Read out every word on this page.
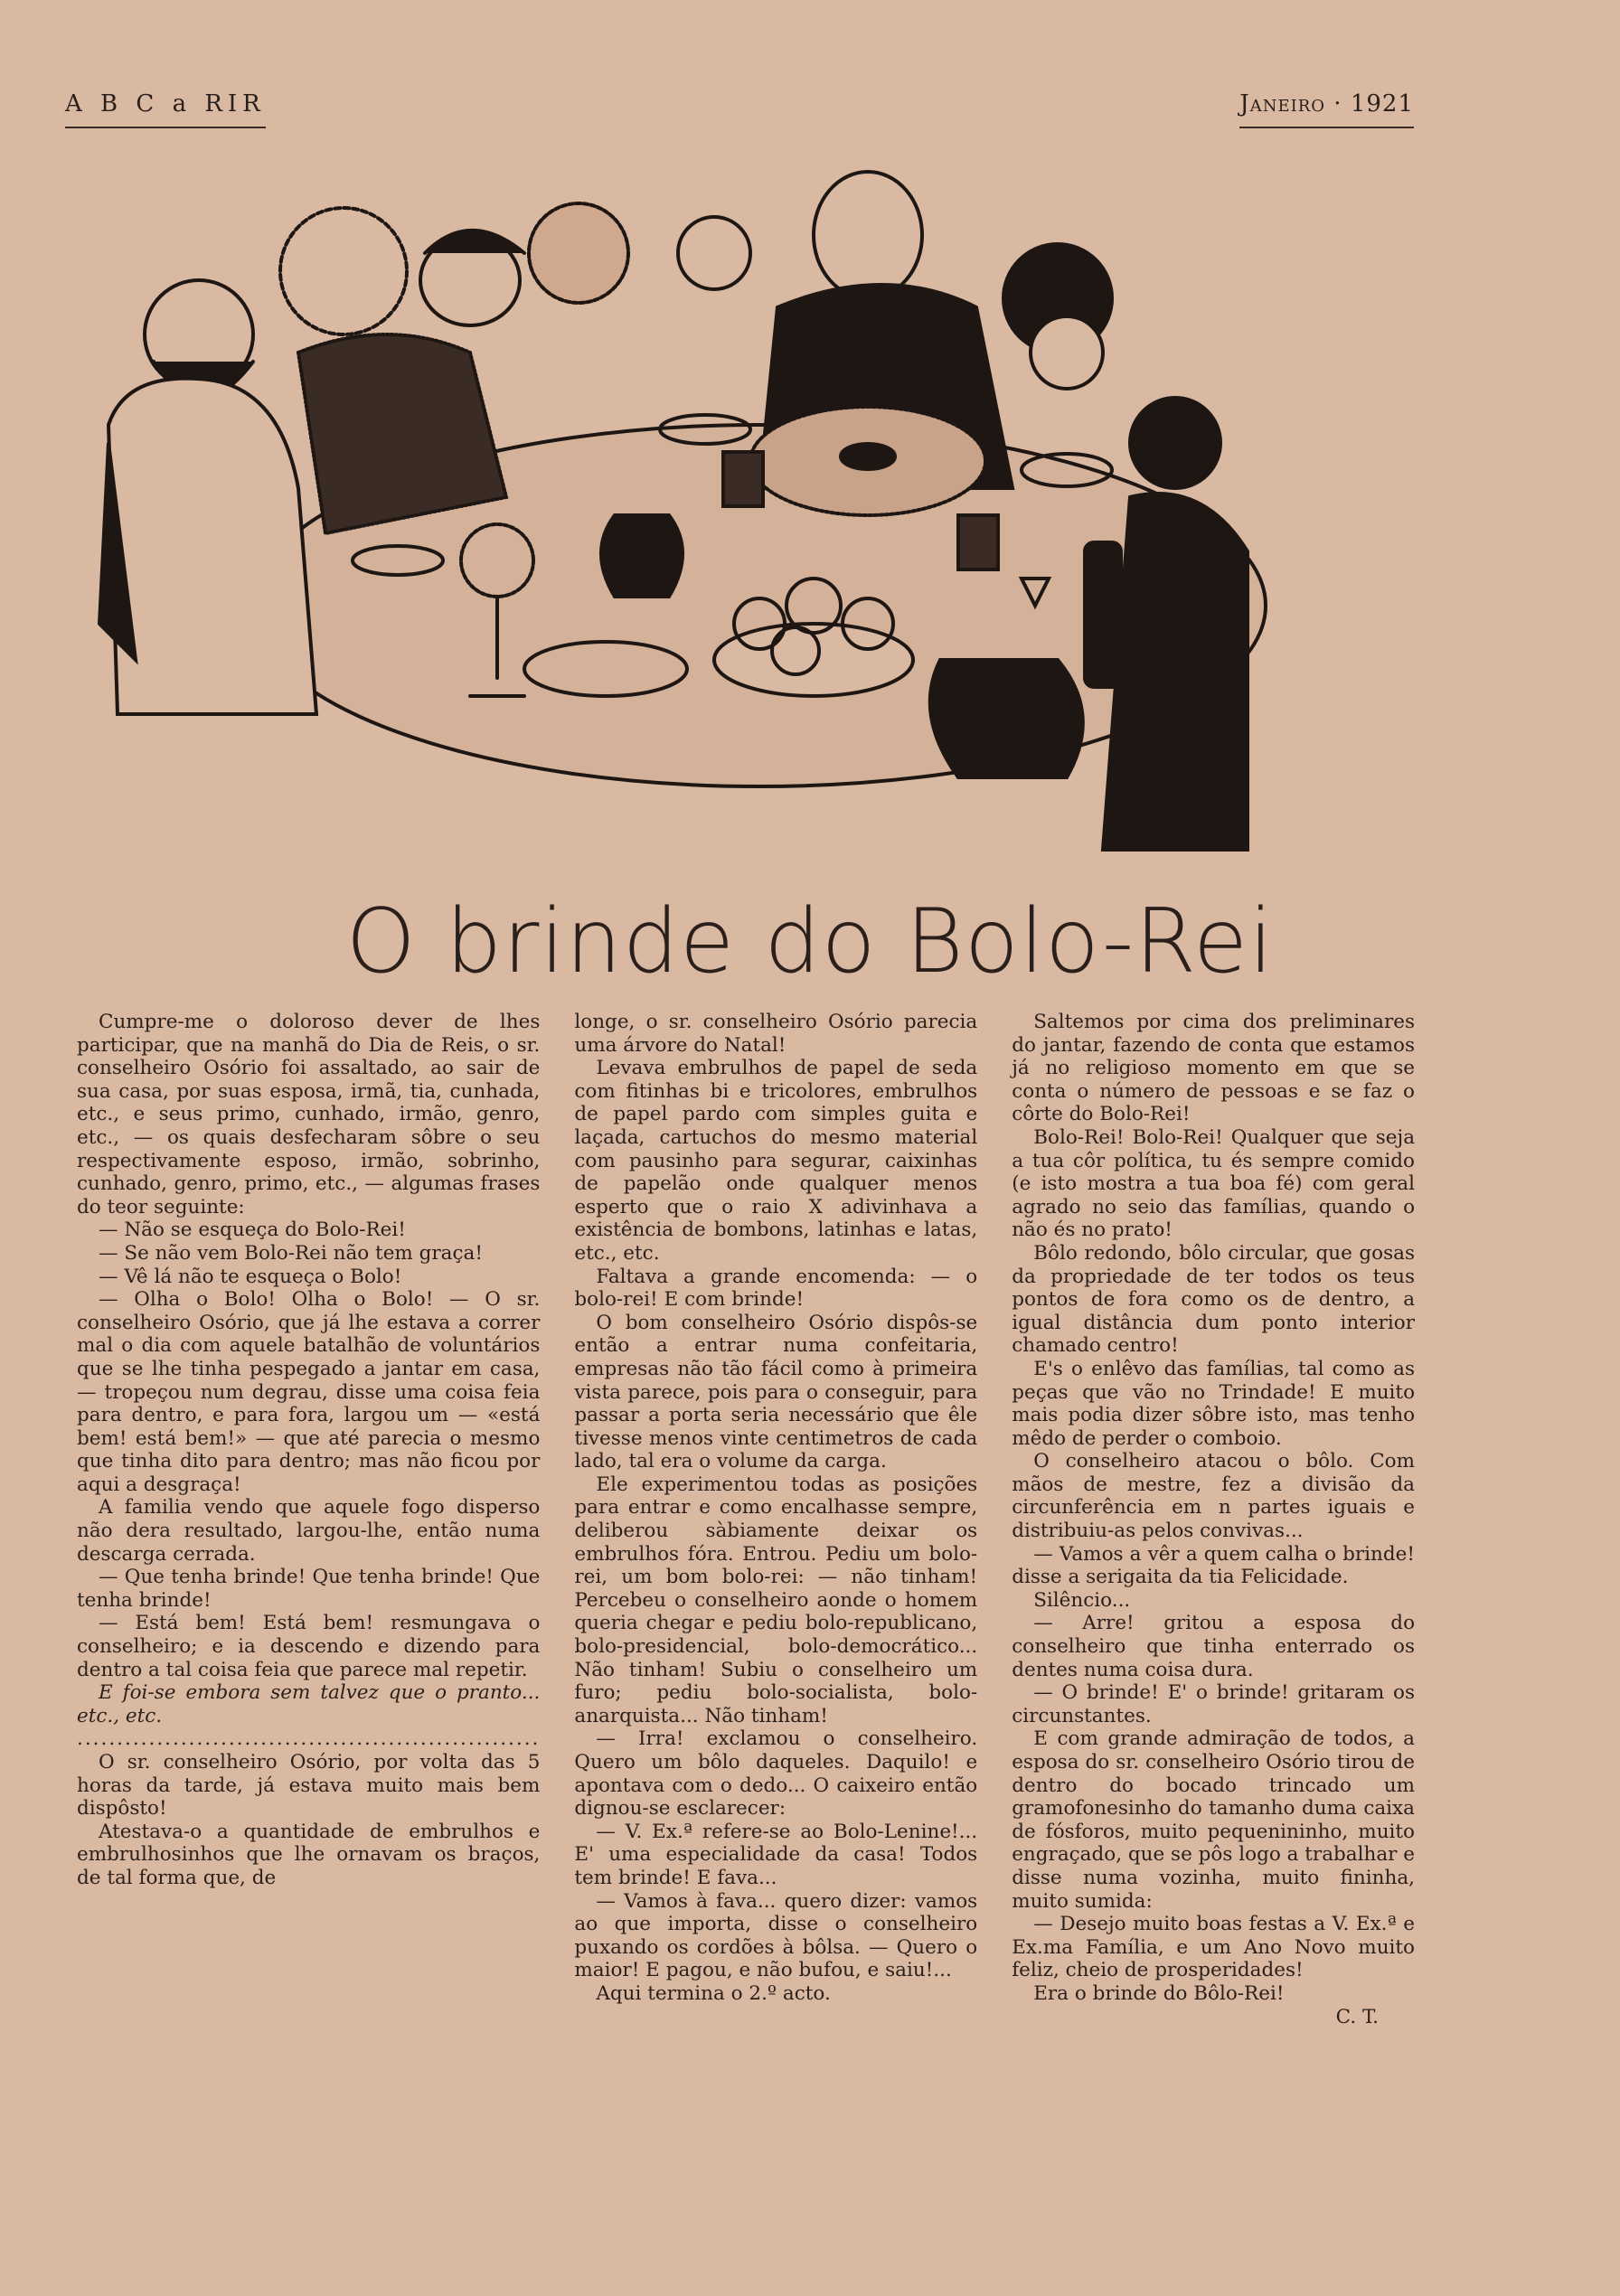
A B C a RIR	Janeiro · 1921
O brinde do Bolo-Rei

Cumpre-me o doloroso dever de lhes participar, que na manhã do Dia de Reis, o sr. conselheiro Osório foi assaltado, ao sair de sua casa, por suas esposa, irmã, tia, cunhada, etc., e seus primo, cunhado, irmão, genro, etc., — os quais desfecharam sôbre o seu respectivamente esposo, irmão, sobrinho, cunhado, genro, primo, etc., — algumas frases do teor seguinte:

— Não se esqueça do Bolo-Rei!

— Se não vem Bolo-Rei não tem graça!

— Vê lá não te esqueça o Bolo!

— Olha o Bolo! Olha o Bolo! — O sr. conselheiro Osório, que já lhe estava a correr mal o dia com aquele batalhão de voluntários que se lhe tinha pespegado a jantar em casa, — tropeçou num degrau, disse uma coisa feia para dentro, e para fora, largou um — «está bem! está bem!» — que até parecia o mesmo que tinha dito para dentro; mas não ficou por aqui a desgraça!

A familia vendo que aquele fogo disperso não dera resultado, largou-lhe, então numa descarga cerrada.

— Que tenha brinde! Que tenha brinde! Que tenha brinde!

— Está bem! Está bem! resmungava o conselheiro; e ia descendo e dizendo para dentro a tal coisa feia que parece mal repetir.

E foi-se embora sem talvez que o pranto... etc., etc.

..........................................................

O sr. conselheiro Osório, por volta das 5 horas da tarde, já estava muito mais bem dispôsto!

Atestava-o a quantidade de embrulhos e embrulhosinhos que lhe ornavam os braços, de tal forma que, de

longe, o sr. conselheiro Osório parecia uma árvore do Natal!

Levava embrulhos de papel de seda com fitinhas bi e tricolores, embrulhos de papel pardo com simples guita e laçada, cartuchos do mesmo material com pausinho para segurar, caixinhas de papelão onde qualquer menos esperto que o raio X adivinhava a existência de bombons, latinhas e latas, etc., etc.

Faltava a grande encomenda: — o bolo-rei! E com brinde!

O bom conselheiro Osório dispôs-se então a entrar numa confeitaria, empresas não tão fácil como à primeira vista parece, pois para o conseguir, para passar a porta seria necessário que êle tivesse menos vinte centimetros de cada lado, tal era o volume da carga.

Ele experimentou todas as posições para entrar e como encalhasse sempre, deliberou sàbiamente deixar os embrulhos fóra. Entrou. Pediu um bolo-rei, um bom bolo-rei: — não tinham! Percebeu o conselheiro aonde o homem queria chegar e pediu bolo-republicano, bolo-presidencial, bolo-democrático... Não tinham! Subiu o conselheiro um furo; pediu bolo-socialista, bolo-anarquista... Não tinham!

— Irra! exclamou o conselheiro. Quero um bôlo daqueles. Daquilo! e apontava com o dedo... O caixeiro então dignou-se esclarecer:

— V. Ex.ª refere-se ao Bolo-Lenine!... E' uma especialidade da casa! Todos tem brinde! E fava...

— Vamos à fava... quero dizer: vamos ao que importa, disse o conselheiro puxando os cordões à bôlsa. — Quero o maior! E pagou, e não bufou, e saiu!...

Aqui termina o 2.º acto.

Saltemos por cima dos preliminares do jantar, fazendo de conta que estamos já no religioso momento em que se conta o número de pessoas e se faz o côrte do Bolo-Rei!

Bolo-Rei! Bolo-Rei! Qualquer que seja a tua côr política, tu és sempre comido (e isto mostra a tua boa fé) com geral agrado no seio das famílias, quando o não és no prato!

Bôlo redondo, bôlo circular, que gosas da propriedade de ter todos os teus pontos de fora como os de dentro, a igual distância dum ponto interior chamado centro!

E's o enlêvo das famílias, tal como as peças que vão no Trindade! E muito mais podia dizer sôbre isto, mas tenho mêdo de perder o comboio.

O conselheiro atacou o bôlo. Com mãos de mestre, fez a divisão da circunferência em n partes iguais e distribuiu-as pelos convivas...

— Vamos a vêr a quem calha o brinde! disse a serigaita da tia Felicidade.

Silêncio...

— Arre! gritou a esposa do conselheiro que tinha enterrado os dentes numa coisa dura.

— O brinde! E' o brinde! gritaram os circunstantes.

E com grande admiração de todos, a esposa do sr. conselheiro Osório tirou de dentro do bocado trincado um gramofonesinho do tamanho duma caixa de fósforos, muito pequenininho, muito engraçado, que se pôs logo a trabalhar e disse numa vozinha, muito fininha, muito sumida:

— Desejo muito boas festas a V. Ex.ª e Ex.ma Família, e um Ano Novo muito feliz, cheio de prosperidades!

Era o brinde do Bôlo-Rei!

C. T.
